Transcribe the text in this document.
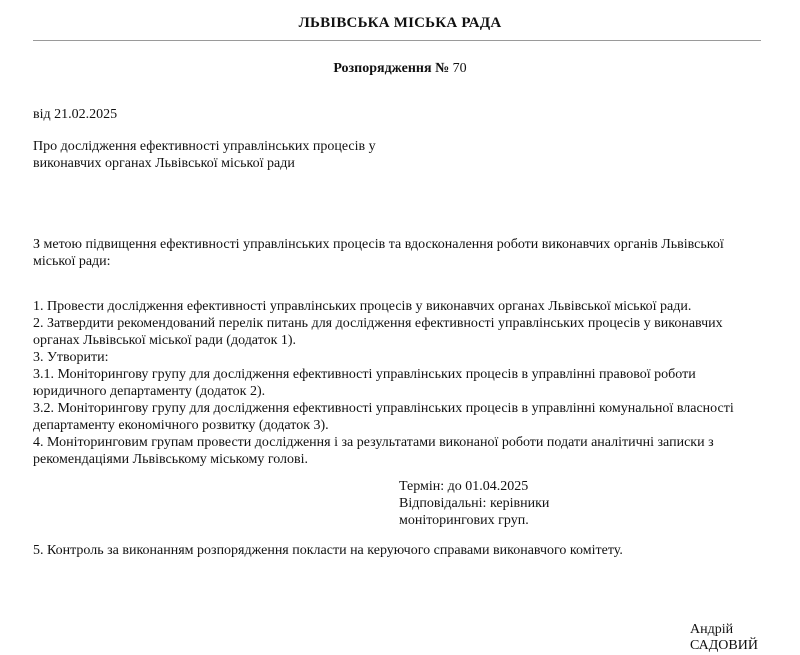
ЛЬВІВСЬКА МІСЬКА РАДА

Розпорядження № 70

від 21.02.2025

Про дослідження ефективності управлінських процесів у
виконавчих органах Львівської міської ради

З метою підвищення ефективності управлінських процесів та вдосконалення роботи виконавчих органів Львівської міської ради:

1. Провести дослідження ефективності управлінських процесів у виконавчих органах Львівської міської ради.
2. Затвердити рекомендований перелік питань для дослідження ефективності управлінських процесів у виконавчих органах Львівської міської ради (додаток 1).
3. Утворити:
3.1. Моніторингову групу для дослідження ефективності управлінських процесів в управлінні правової роботи юридичного департаменту (додаток 2).
3.2. Моніторингову групу для дослідження ефективності управлінських процесів в управлінні комунальної власності департаменту економічного розвитку (додаток 3).
4. Моніторинговим групам провести дослідження і за результатами виконаної роботи подати аналітичні записки з рекомендаціями Львівському міському голові.

Термін: до 01.04.2025
Відповідальні: керівники
моніторингових груп.

5. Контроль за виконанням розпорядження покласти на керуючого справами виконавчого комітету.

Андрій
САДОВИЙ
